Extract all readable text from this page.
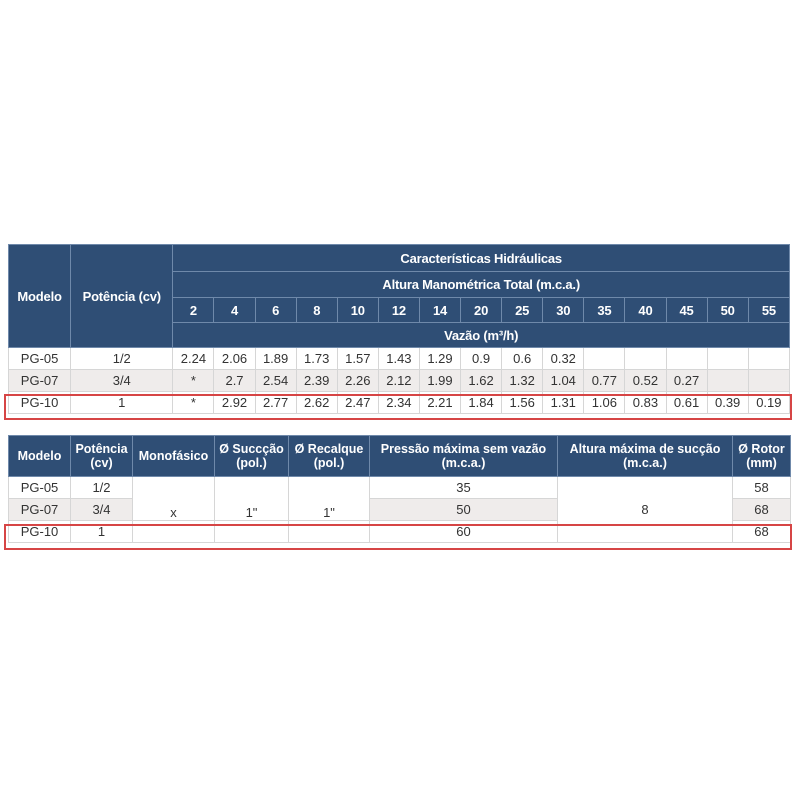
Modelo	Potência (cv)	Características Hidráulicas														
		Altura Manométrica Total (m.c.a.)														
		2	4	6	8	10	12	14	20	25	30	35	40	45	50	55
		Vazão (m³/h)														
PG-05	1/2	2.24	2.06	1.89	1.73	1.57	1.43	1.29	0.9	0.6	0.32					
PG-07	3/4	*	2.7	2.54	2.39	2.26	2.12	1.99	1.62	1.32	1.04	0.77	0.52	0.27		
PG-10	1	*	2.92	2.77	2.62	2.47	2.34	2.21	1.84	1.56	1.31	1.06	0.83	0.61	0.39	0.19
Modelo	Potência (cv)	Monofásico	Ø Succção (pol.)	Ø Recalque (pol.)	Pressão máxima sem vazão (m.c.a.)	Altura máxima de sucção (m.c.a.)	Ø Rotor (mm)
PG-05	1/2	x	1"	1"	35	8	58
PG-07	3/4				50		68
PG-10	1				60		68
